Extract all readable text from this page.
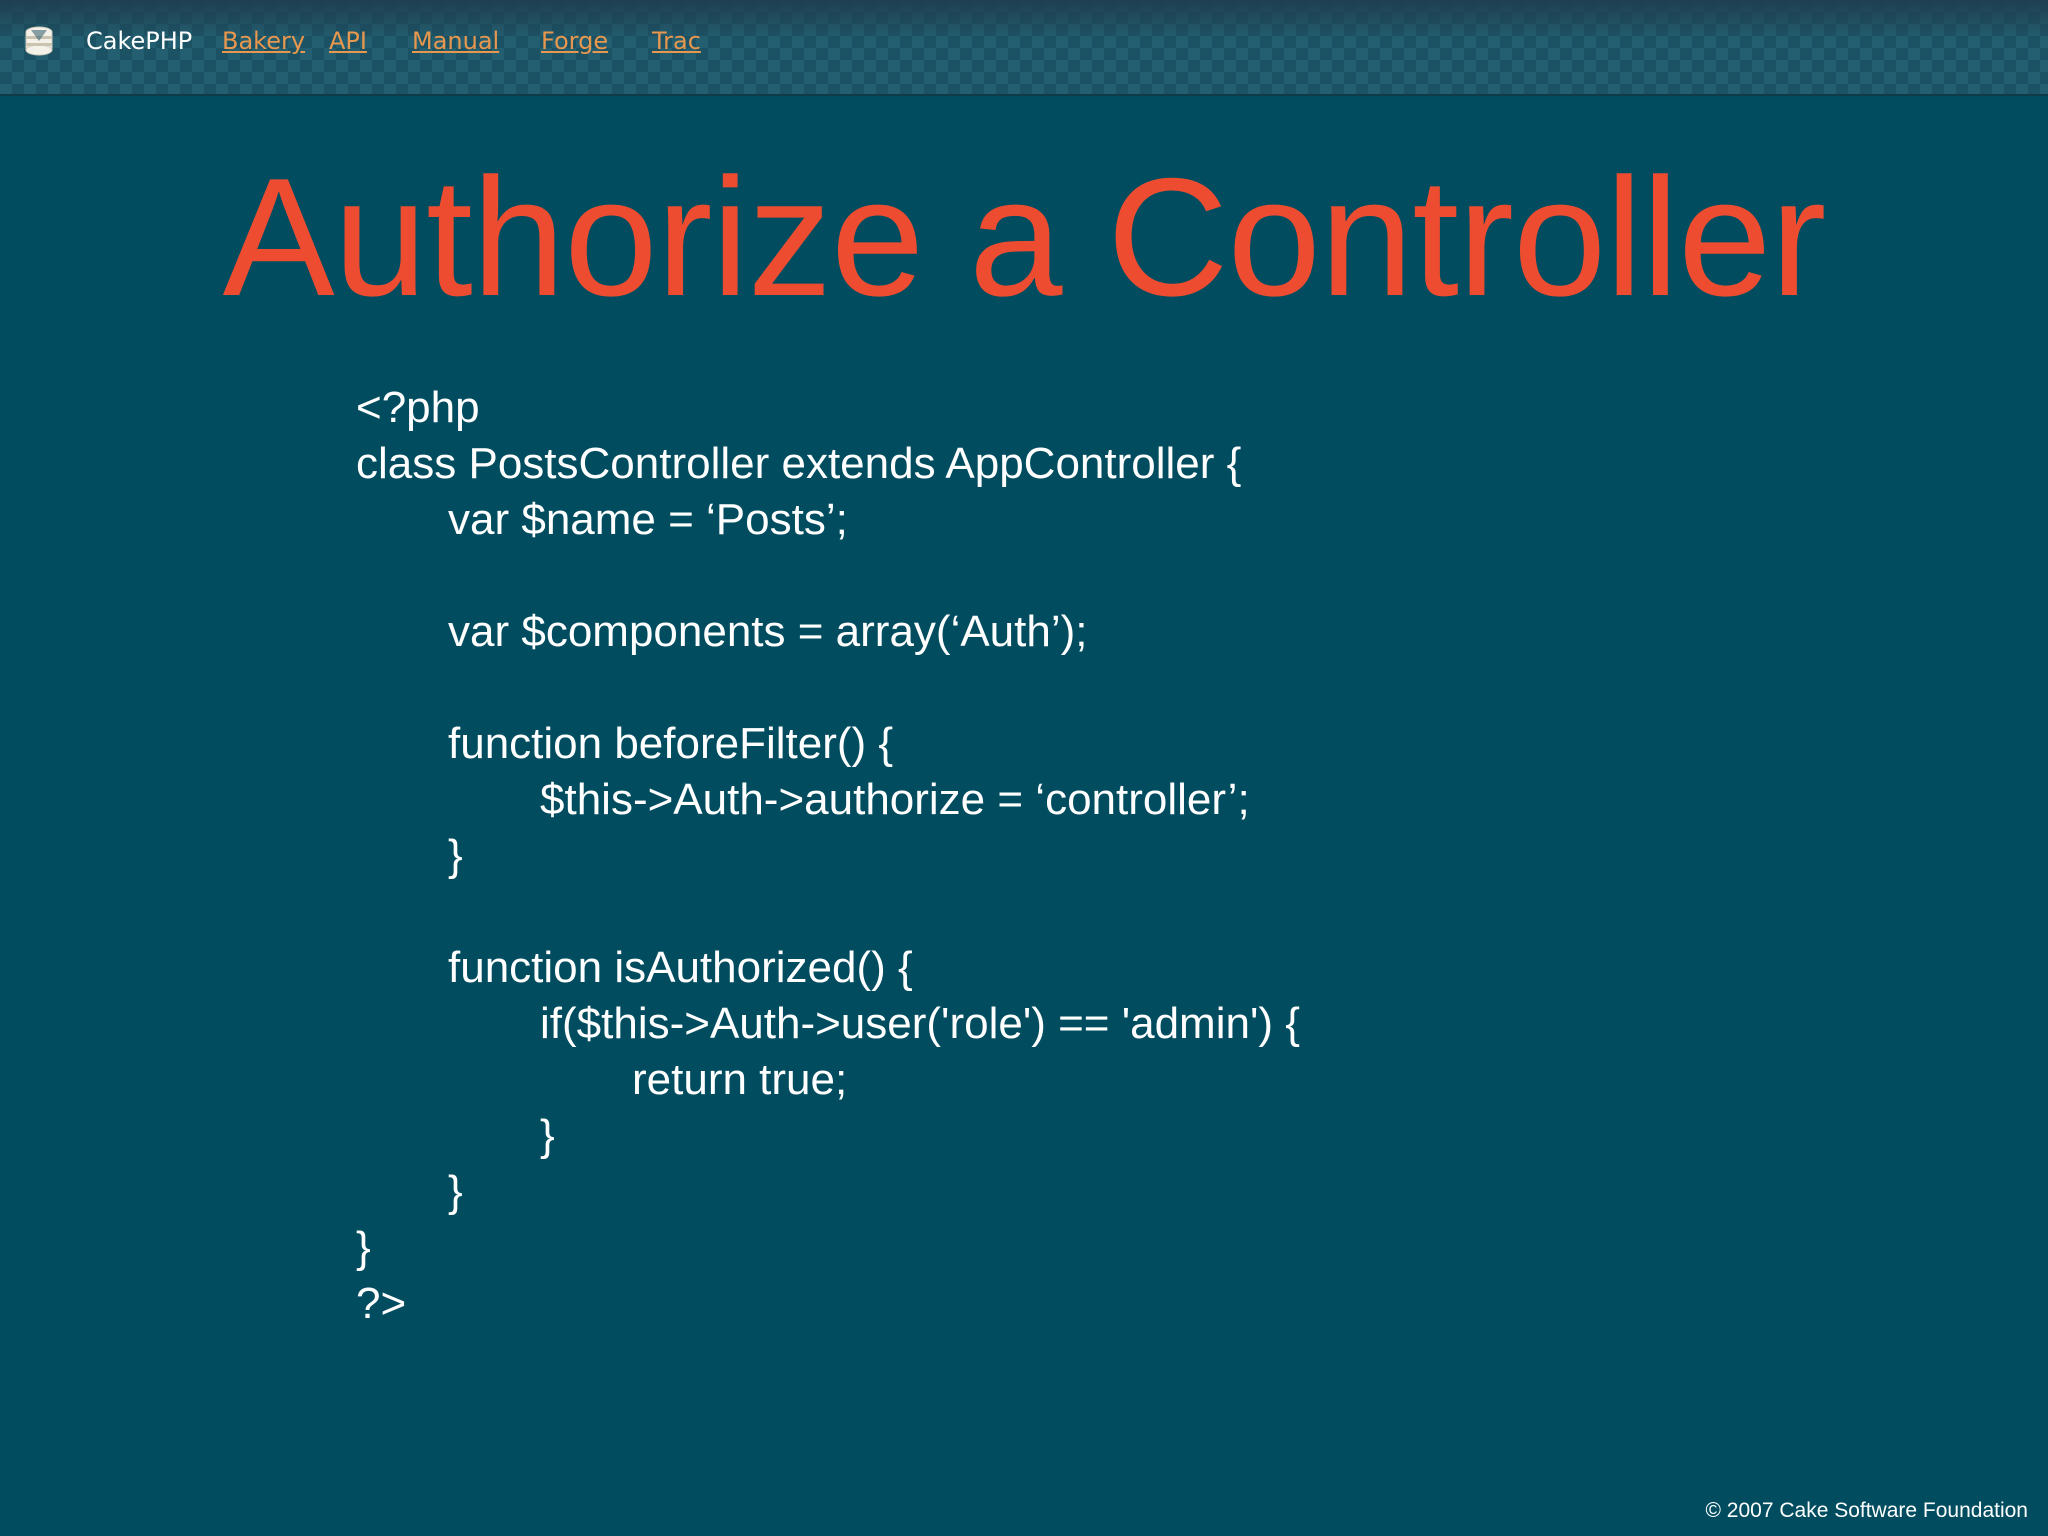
CakePHP Bakery API Manual Forge Trac
Authorize a Controller
<?php
class PostsController extends AppController {
var $name = ‘Posts’;
var $components = array(‘Auth’);
function beforeFilter() {
$this->Auth->authorize = ‘controller’;
}
function isAuthorized() {
if($this->Auth->user('role') == 'admin') {
return true;
}
}
}
?>
© 2007 Cake Software Foundation
